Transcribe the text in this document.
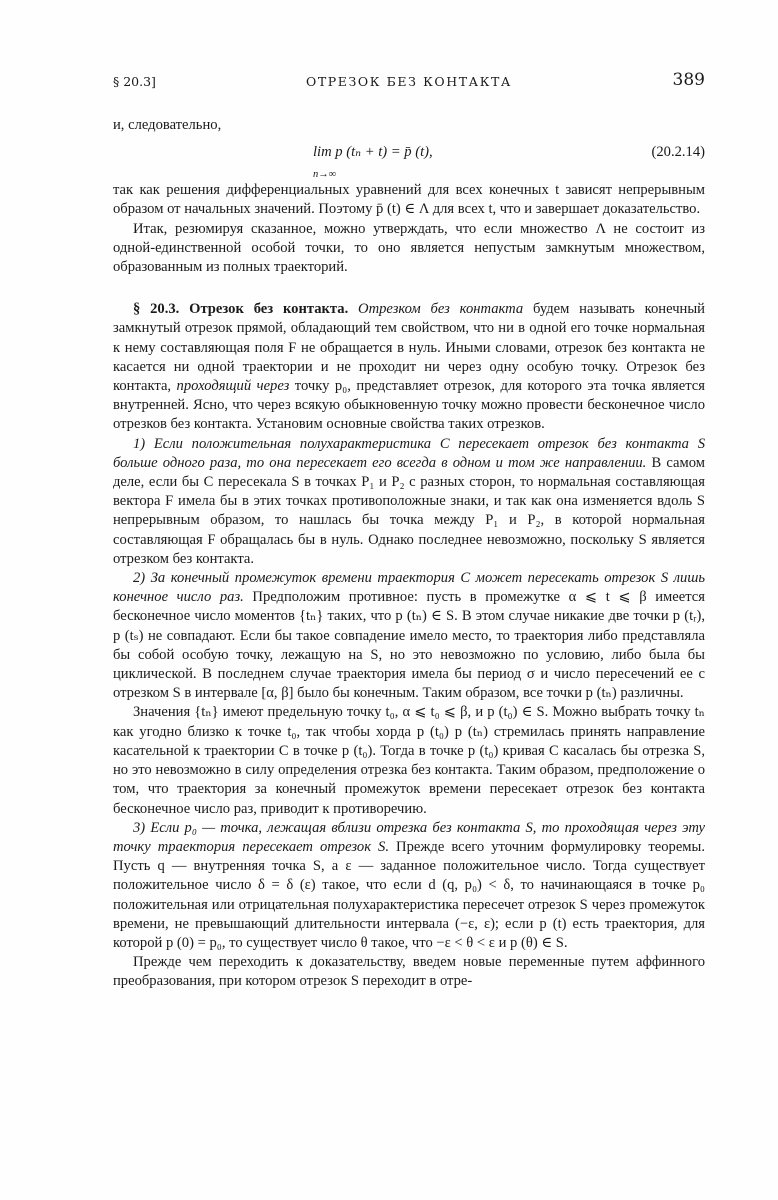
§ 20.3]	ОТРЕЗОК БЕЗ КОНТАКТА	389

и, следовательно,

lim p (tₙ + t) = p̄ (t),
n→∞
(20.2.14)

так как решения дифференциальных уравнений для всех конечных t зависят непрерывным образом от начальных значений. Поэтому p̄ (t) ∈ Λ для всех t, что и завершает доказательство.

Итак, резюмируя сказанное, можно утверждать, что если множество Λ не состоит из одной-единственной особой точки, то оно является непустым замкнутым множеством, образованным из полных траекторий.

§ 20.3. Отрезок без контакта. Отрезком без контакта будем называть конечный замкнутый отрезок прямой, обладающий тем свойством, что ни в одной его точке нормальная к нему составляющая поля F не обращается в нуль. Иными словами, отрезок без контакта не касается ни одной траектории и не проходит ни через одну особую точку. Отрезок без контакта, проходящий через точку p₀, представляет отрезок, для которого эта точка является внутренней. Ясно, что через всякую обыкновенную точку можно провести бесконечное число отрезков без контакта. Установим основные свойства таких отрезков.

1) Если положительная полухарактеристика C пересекает отрезок без контакта S больше одного раза, то она пересекает его всегда в одном и том же направлении. В самом деле, если бы C пересекала S в точках P₁ и P₂ с разных сторон, то нормальная составляющая вектора F имела бы в этих точках противоположные знаки, и так как она изменяется вдоль S непрерывным образом, то нашлась бы точка между P₁ и P₂, в которой нормальная составляющая F обращалась бы в нуль. Однако последнее невозможно, поскольку S является отрезком без контакта.

2) За конечный промежуток времени траектория C может пересекать отрезок S лишь конечное число раз. Предположим противное: пусть в промежутке α ⩽ t ⩽ β имеется бесконечное число моментов {tₙ} таких, что p (tₙ) ∈ S. В этом случае никакие две точки p (tᵣ), p (tₛ) не совпадают. Если бы такое совпадение имело место, то траектория либо представляла бы собой особую точку, лежащую на S, но это невозможно по условию, либо была бы циклической. В последнем случае траектория имела бы период σ и число пересечений ее с отрезком S в интервале [α, β] было бы конечным. Таким образом, все точки p (tₙ) различны.

Значения {tₙ} имеют предельную точку t₀, α ⩽ t₀ ⩽ β, и p (t₀) ∈ S. Можно выбрать точку tₙ как угодно близко к точке t₀, так чтобы хорда p (t₀) p (tₙ) стремилась принять направление касательной к траектории C в точке p (t₀). Тогда в точке p (t₀) кривая C касалась бы отрезка S, но это невозможно в силу определения отрезка без контакта. Таким образом, предположение о том, что траектория за конечный промежуток времени пересекает отрезок без контакта бесконечное число раз, приводит к противоречию.

3) Если p₀ — точка, лежащая вблизи отрезка без контакта S, то проходящая через эту точку траектория пересекает отрезок S. Прежде всего уточним формулировку теоремы. Пусть q — внутренняя точка S, а ε — заданное положительное число. Тогда существует положительное число δ = δ (ε) такое, что если d (q, p₀) < δ, то начинающаяся в точке p₀ положительная или отрицательная полухарактеристика пересечет отрезок S через промежуток времени, не превышающий длительности интервала (−ε, ε); если p (t) есть траектория, для которой p (0) = p₀, то существует число θ такое, что −ε < θ < ε и p (θ) ∈ S.

Прежде чем переходить к доказательству, введем новые переменные путем аффинного преобразования, при котором отрезок S переходит в отре-
